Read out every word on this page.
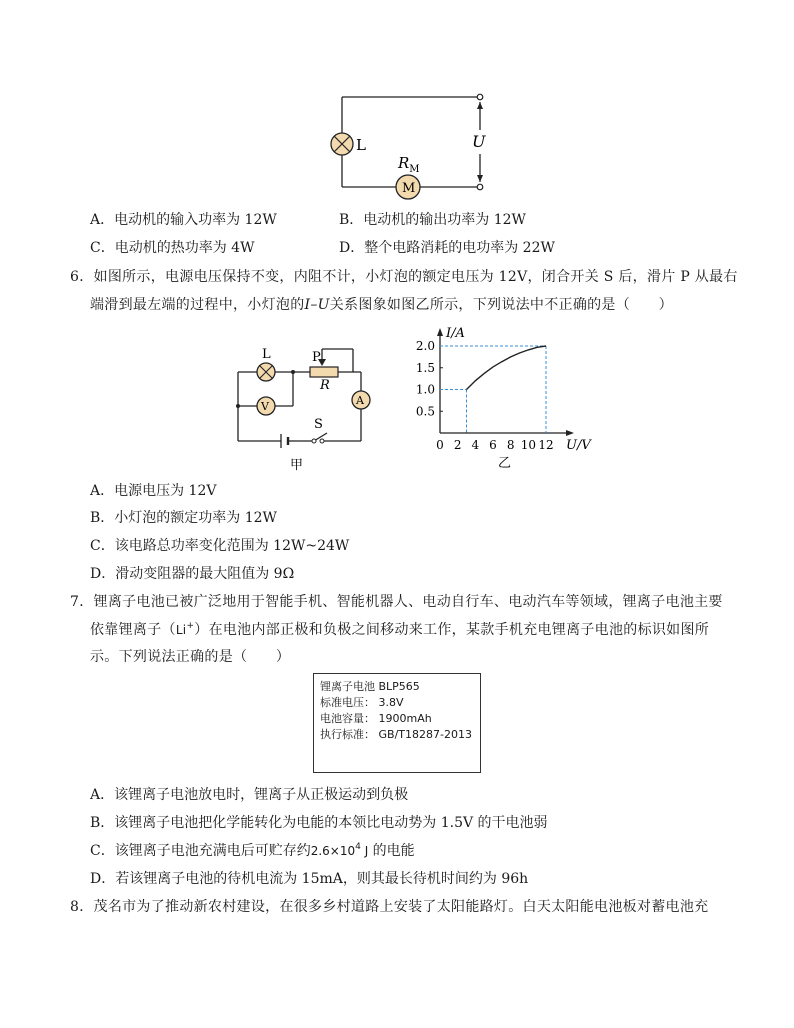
L
M
$R_M$
U
A．电动机的输入功率为 12W	B．电动机的输出功率为 12W
C．电动机的热功率为 4W	D．整个电路消耗的电功率为 22W
6．如图所示，电源电压保持不变，内阻不计，小灯泡的额定电压为 12V，闭合开关 S 后，滑片 P 从最右
端滑到最左端的过程中，小灯泡的I–U关系图象如图乙所示，下列说法中不正确的是（　　）
L	P
R
V	A
S
甲
0 2 4 6 8 10 12
2.0
1.5
1.0
0.5
I/A
U/V
乙
A．电源电压为 12V
B．小灯泡的额定功率为 12W
C．该电路总功率变化范围为 12W~24W
D．滑动变阻器的最大阻值为 9Ω
7．锂离子电池已被广泛地用于智能手机、智能机器人、电动自行车、电动汽车等领域，锂离子电池主要
依靠锂离子（Li+）在电池内部正极和负极之间移动来工作，某款手机充电锂离子电池的标识如图所
示。下列说法正确的是（　　）
锂离子电池 BLP565
标准电压： 3.8V
电池容量： 1900mAh
执行标准： GB/T18287-2013
A．该锂离子电池放电时，锂离子从正极运动到负极
B．该锂离子电池把化学能转化为电能的本领比电动势为 1.5V 的干电池弱
C．该锂离子电池充满电后可贮存约$2.6\times 10^4$ J 的电能
D．若该锂离子电池的待机电流为 15mA，则其最长待机时间约为 96h
8．茂名市为了推动新农村建设，在很多乡村道路上安装了太阳能路灯。白天太阳能电池板对蓄电池充
